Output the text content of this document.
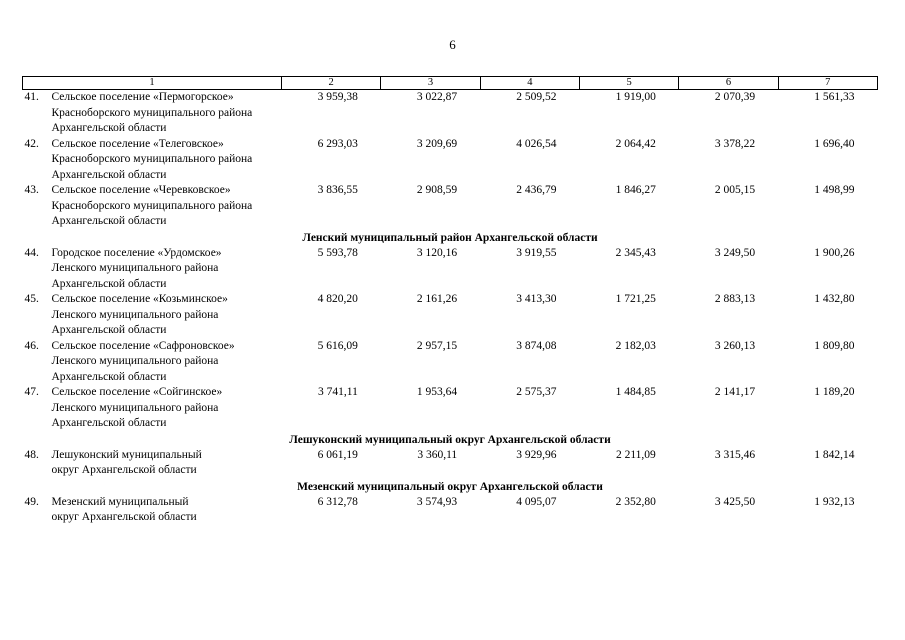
6
1	2	3	4	5	6	7

41. Сельское поселение «Пермогорское»
Красноборского муниципального района
Архангельской области	3 959,38	3 022,87	2 509,52	1 919,00	2 070,39	1 561,33

42. Сельское поселение «Телеговское»
Красноборского муниципального района
Архангельской области	6 293,03	3 209,69	4 026,54	2 064,42	3 378,22	1 696,40

43. Сельское поселение «Черевковское»
Красноборского муниципального района
Архангельской области	3 836,55	2 908,59	2 436,79	1 846,27	2 005,15	1 498,99
Ленский муниципальный район Архангельской области						

44. Городское поселение «Урдомское»
Ленского муниципального района
Архангельской области	5 593,78	3 120,16	3 919,55	2 345,43	3 249,50	1 900,26

45. Сельское поселение «Козьминское»
Ленского муниципального района
Архангельской области	4 820,20	2 161,26	3 413,30	1 721,25	2 883,13	1 432,80

46. Сельское поселение «Сафроновское»
Ленского муниципального района
Архангельской области	5 616,09	2 957,15	3 874,08	2 182,03	3 260,13	1 809,80

47. Сельское поселение «Сойгинское»
Ленского муниципального района
Архангельской области	3 741,11	1 953,64	2 575,37	1 484,85	2 141,17	1 189,20
Лешуконский муниципальный округ Архангельской области						

48. Лешуконский муниципальный
округ Архангельской области	6 061,19	3 360,11	3 929,96	2 211,09	3 315,46	1 842,14
Мезенский муниципальный округ Архангельской области						

49. Мезенский муниципальный
округ Архангельской области	6 312,78	3 574,93	4 095,07	2 352,80	3 425,50	1 932,13
